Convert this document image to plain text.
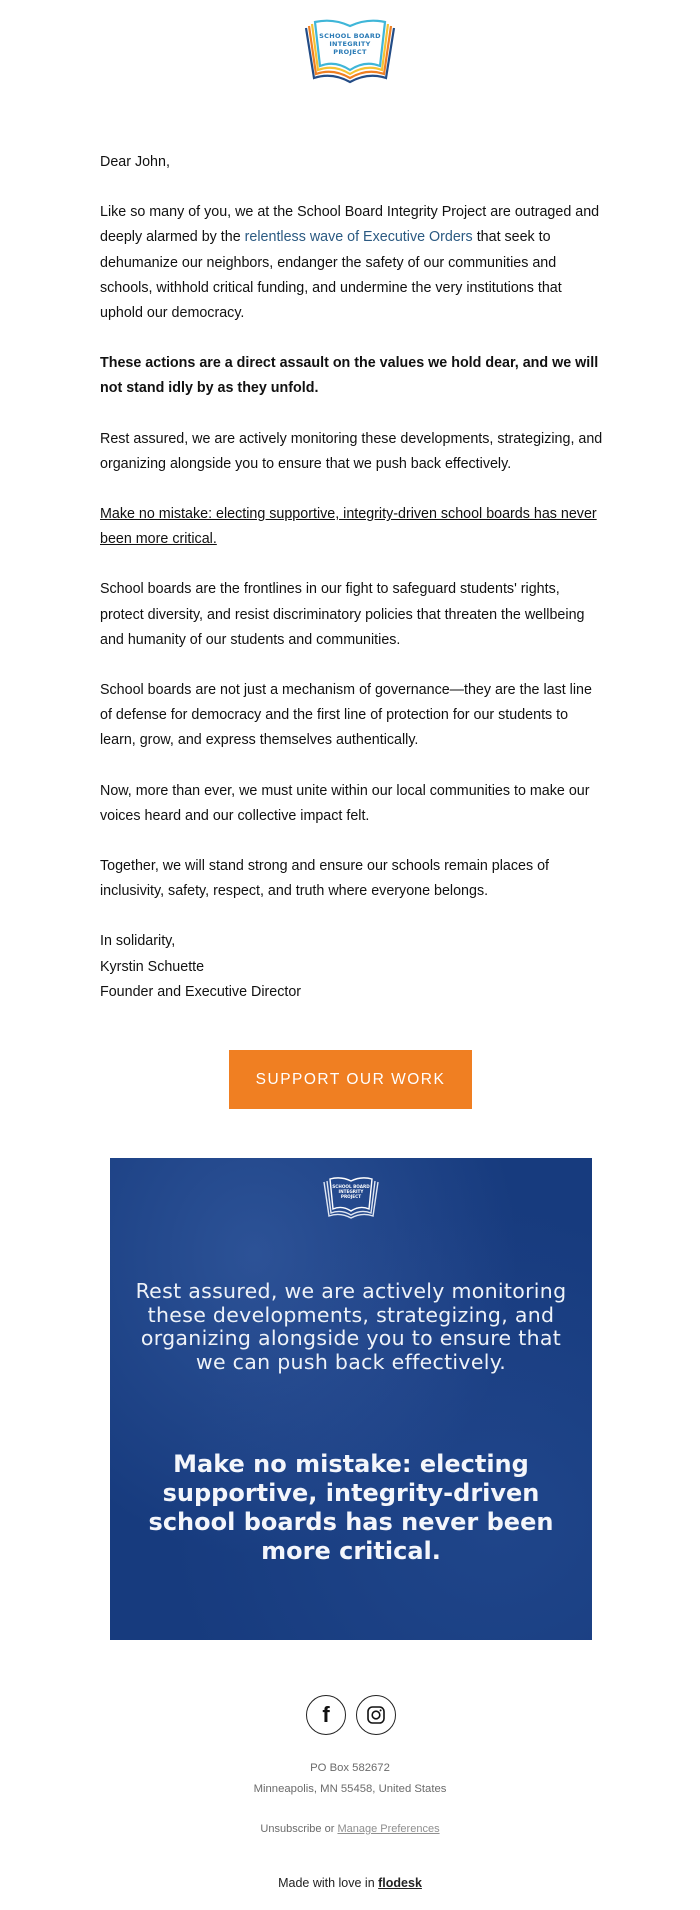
SCHOOL BOARD
INTEGRITY
PROJECT

Dear John,

Like so many of you, we at the School Board Integrity Project are outraged and deeply alarmed by the relentless wave of Executive Orders that seek to dehumanize our neighbors, endanger the safety of our communities and schools, withhold critical funding, and undermine the very institutions that uphold our democracy.

These actions are a direct assault on the values we hold dear, and we will not stand idly by as they unfold.

Rest assured, we are actively monitoring these developments, strategizing, and organizing alongside you to ensure that we push back effectively.

Make no mistake: electing supportive, integrity-driven school boards has never been more critical.

School boards are the frontlines in our fight to safeguard students' rights, protect diversity, and resist discriminatory policies that threaten the wellbeing and humanity of our students and communities.

School boards are not just a mechanism of governance—they are the last line of defense for democracy and the first line of protection for our students to learn, grow, and express themselves authentically.

Now, more than ever, we must unite within our local communities to make our voices heard and our collective impact felt.

Together, we will stand strong and ensure our schools remain places of inclusivity, safety, respect, and truth where everyone belongs.

In solidarity,

Kyrstin Schuette

Founder and Executive Director

SUPPORT OUR WORK
SCHOOL BOARD
INTEGRITY
PROJECT
Rest assured, we are actively monitoring these developments, strategizing, and organizing alongside you to ensure that we can push back effectively.
Make no mistake: electing supportive, integrity-driven school boards has never been more critical.
f
PO Box 582672
Minneapolis, MN 55458, United States
Unsubscribe or Manage Preferences
Made with love in flodesk
